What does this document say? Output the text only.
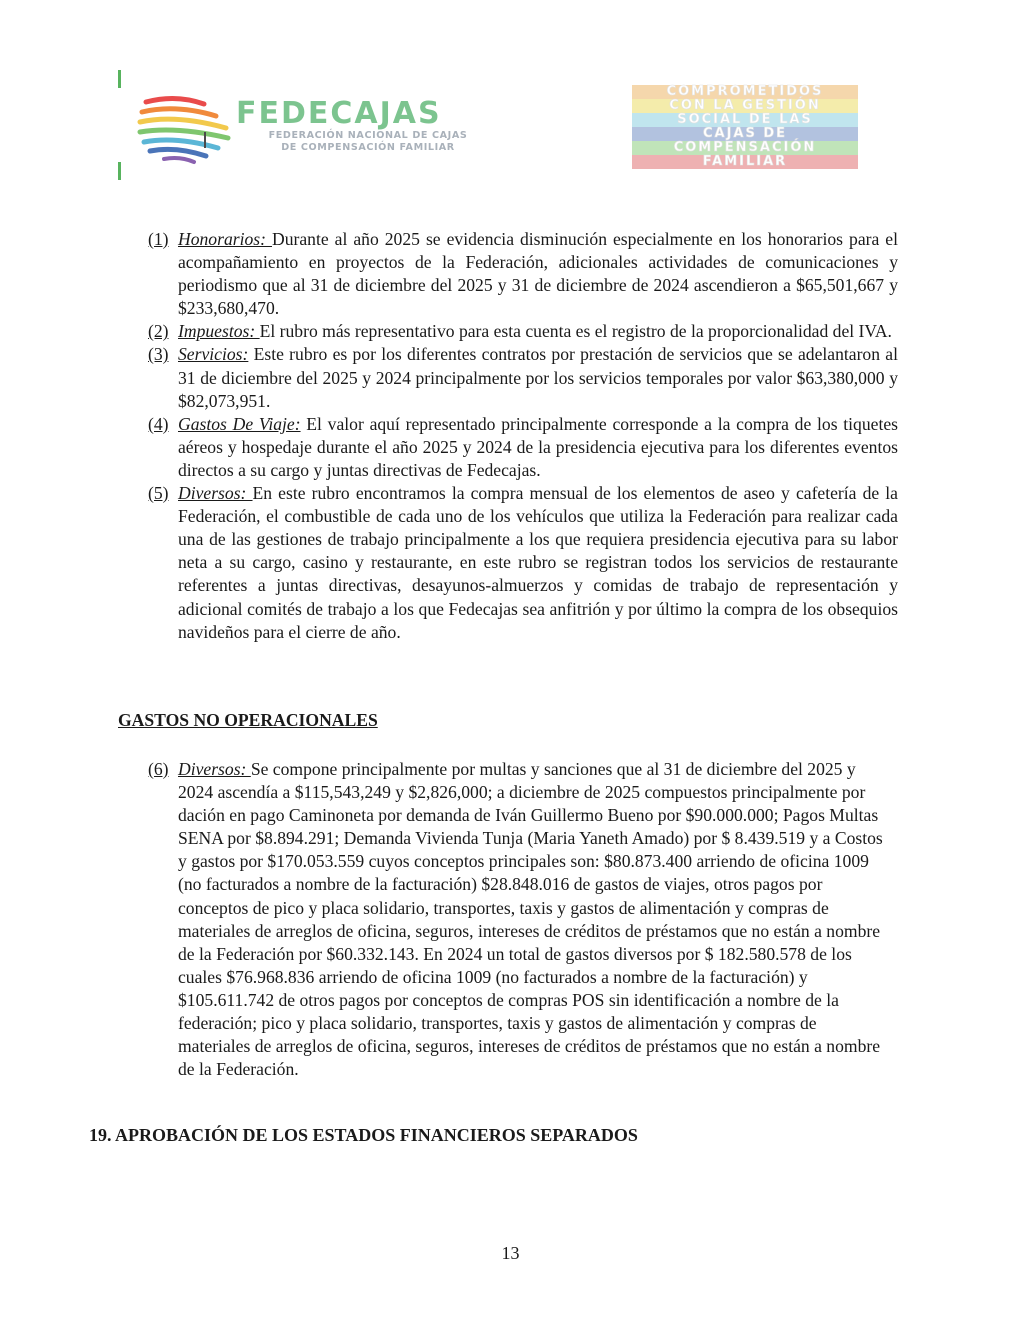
FEDECAJAS
FEDERACIÓN NACIONAL DE CAJAS
DE COMPENSACIÓN FAMILIAR
COMPROMETIDOS
CON LA GESTIÓN
SOCIAL DE LAS
CAJAS DE
COMPENSACIÓN
FAMILIAR
(1) Honorarios: Durante al año 2025 se evidencia disminución especialmente en los honorarios para el acompañamiento en proyectos de la Federación, adicionales actividades de comunicaciones y periodismo que al 31 de diciembre del 2025 y 31 de diciembre de 2024 ascendieron a $65,501,667 y $233,680,470.
(2) Impuestos: El rubro más representativo para esta cuenta es el registro de la proporcionalidad del IVA.
(3) Servicios: Este rubro es por los diferentes contratos por prestación de servicios que se adelantaron al 31 de diciembre del 2025 y 2024 principalmente por los servicios temporales por valor $63,380,000 y $82,073,951.
(4) Gastos De Viaje: El valor aquí representado principalmente corresponde a la compra de los tiquetes aéreos y hospedaje durante el año 2025 y 2024 de la presidencia ejecutiva para los diferentes eventos directos a su cargo y juntas directivas de Fedecajas.
(5) Diversos: En este rubro encontramos la compra mensual de los elementos de aseo y cafetería de la Federación, el combustible de cada uno de los vehículos que utiliza la Federación para realizar cada una de las gestiones de trabajo principalmente a los que requiera presidencia ejecutiva para su labor neta a su cargo, casino y restaurante, en este rubro se registran todos los servicios de restaurante referentes a juntas directivas, desayunos-almuerzos y comidas de trabajo de representación y adicional comités de trabajo a los que Fedecajas sea anfitrión y por último la compra de los obsequios navideños para el cierre de año.
GASTOS NO OPERACIONALES
(6) Diversos: Se compone principalmente por multas y sanciones que al 31 de diciembre del 2025 y 2024 ascendía a $115,543,249 y $2,826,000; a diciembre de 2025 compuestos principalmente por dación en pago Caminoneta por demanda de Iván Guillermo Bueno por $90.000.000; Pagos Multas SENA por $8.894.291; Demanda Vivienda Tunja (Maria Yaneth Amado) por $ 8.439.519 y a Costos y gastos por $170.053.559 cuyos conceptos principales son: $80.873.400 arriendo de oficina 1009 (no facturados a nombre de la facturación) $28.848.016 de gastos de viajes, otros pagos por conceptos de pico y placa solidario, transportes, taxis y gastos de alimentación y compras de materiales de arreglos de oficina, seguros, intereses de créditos de préstamos que no están a nombre de la Federación por $60.332.143. En 2024 un total de gastos diversos por $ 182.580.578 de los cuales $76.968.836 arriendo de oficina 1009 (no facturados a nombre de la facturación) y $105.611.742 de otros pagos por conceptos de compras POS sin identificación a nombre de la federación; pico y placa solidario, transportes, taxis y gastos de alimentación y compras de materiales de arreglos de oficina, seguros, intereses de créditos de préstamos que no están a nombre de la Federación.
19. APROBACIÓN DE LOS ESTADOS FINANCIEROS SEPARADOS
13
